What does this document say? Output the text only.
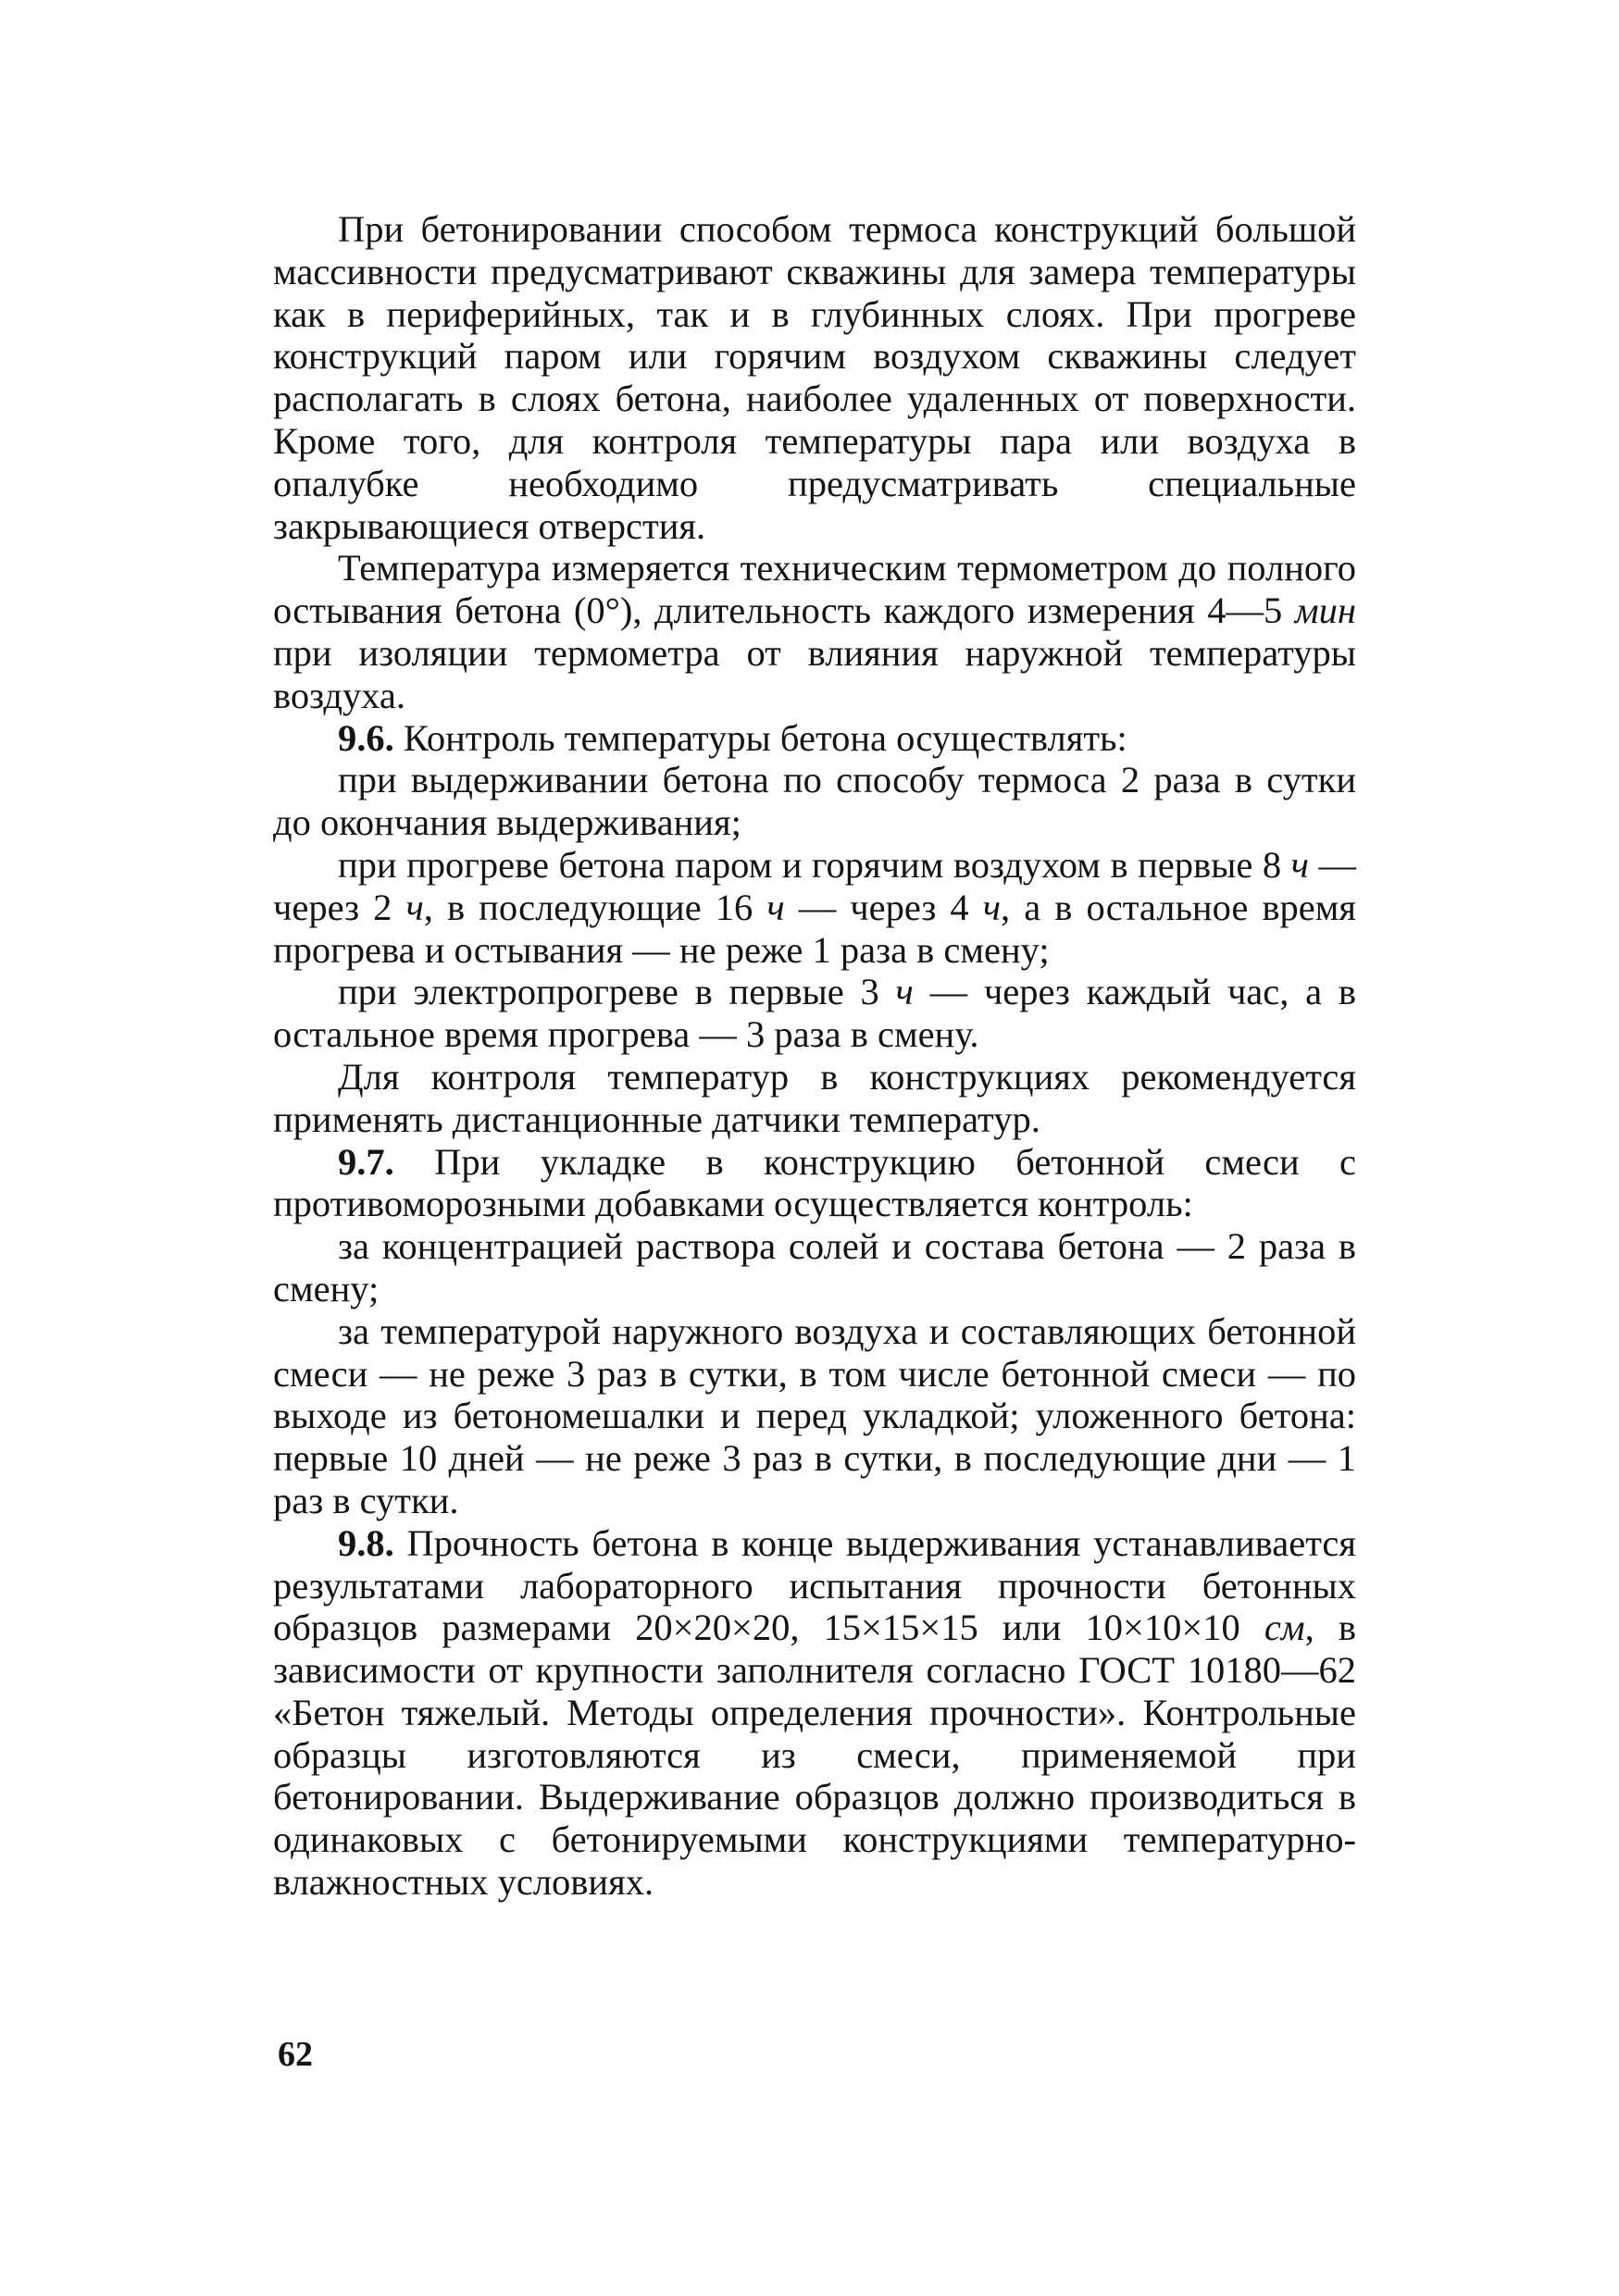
При бетонировании способом термоса конструкций большой массивности предусматривают скважины для замера температуры как в периферийных, так и в глубинных слоях. При прогреве конструкций паром или горячим воздухом скважины следует располагать в слоях бетона, наиболее удаленных от поверхности. Кроме того, для контроля температуры пара или воздуха в опалубке необходимо предусматривать специальные закрывающиеся отверстия.

Температура измеряется техническим термометром до полного остывания бетона (0°), длительность каждого измерения 4—5 мин при изоляции термометра от влияния наружной температуры воздуха.

9.6. Контроль температуры бетона осуществлять:

при выдерживании бетона по способу термоса 2 раза в сутки до окончания выдерживания;

при прогреве бетона паром и горячим воздухом в первые 8 ч — через 2 ч, в последующие 16 ч — через 4 ч, а в остальное время прогрева и остывания — не реже 1 раза в смену;

при электропрогреве в первые 3 ч — через каждый час, а в остальное время прогрева — 3 раза в смену.

Для контроля температур в конструкциях рекомендуется применять дистанционные датчики температур.

9.7. При укладке в конструкцию бетонной смеси с противоморозными добавками осуществляется контроль:

за концентрацией раствора солей и состава бетона — 2 раза в смену;

за температурой наружного воздуха и составляющих бетонной смеси — не реже 3 раз в сутки, в том числе бетонной смеси — по выходе из бетономешалки и перед укладкой; уложенного бетона: первые 10 дней — не реже 3 раз в сутки, в последующие дни — 1 раз в сутки.

9.8. Прочность бетона в конце выдерживания устанавливается результатами лабораторного испытания прочности бетонных образцов размерами 20×20×20, 15×15×15 или 10×10×10 см, в зависимости от крупности заполнителя согласно ГОСТ 10180—62 «Бетон тяжелый. Методы определения прочности». Контрольные образцы изготовляются из смеси, применяемой при бетонировании. Выдерживание образцов должно производиться в одинаковых с бетонируемыми конструкциями температурно-влажностных условиях.

62
